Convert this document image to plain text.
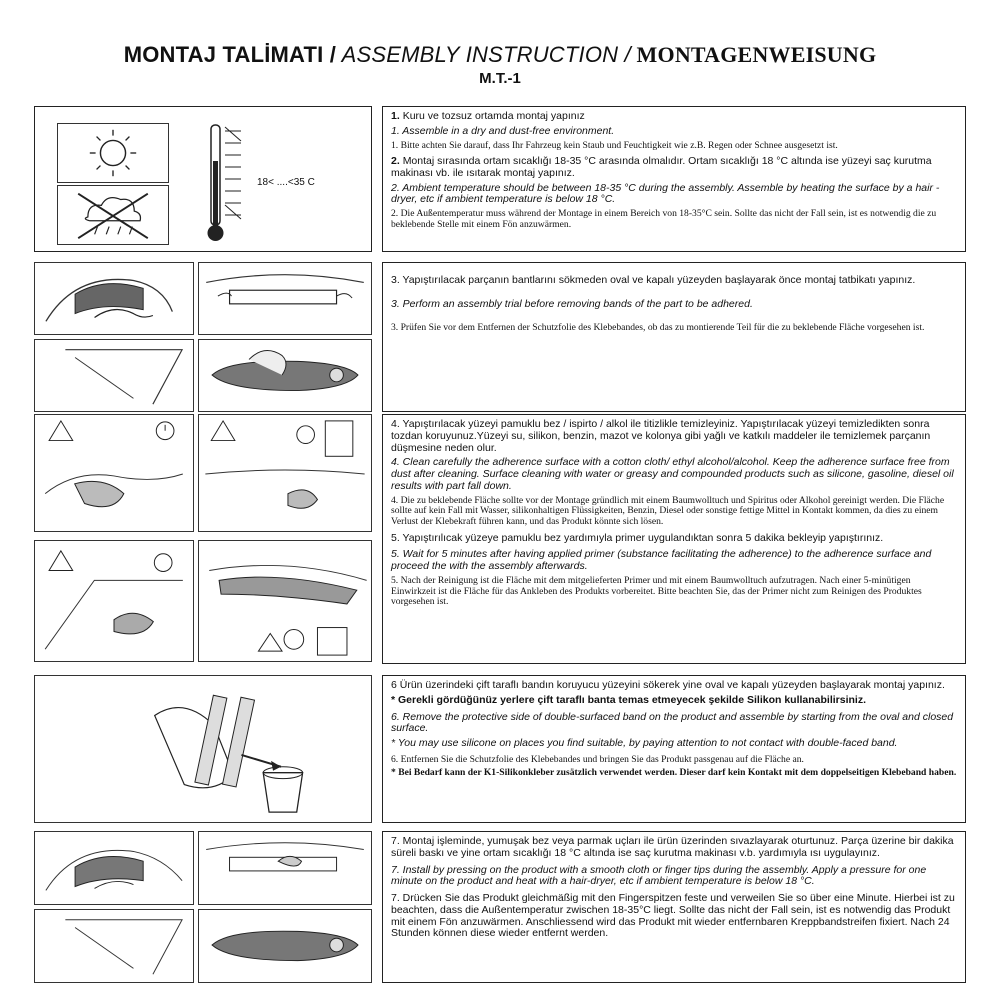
MONTAJ TALİMATI / ASSEMBLY INSTRUCTION / MONTAGENWEISUNG
M.T.-1
18< ....<35 C

1. Kuru ve tozsuz ortamda montaj yapınız

1. Assemble in a dry and dust-free environment.

1. Bitte achten Sie darauf, dass Ihr Fahrzeug kein Staub und Feuchtigkeit wie z.B. Regen oder Schnee ausgesetzt ist.

2. Montaj sırasında ortam sıcaklığı 18-35 °C arasında olmalıdır. Ortam sıcaklığı 18 °C altında ise yüzeyi saç kurutma makinası vb. ile ısıtarak montaj yapınız.

2. Ambient temperature should be between 18-35 °C during the assembly. Assemble by heating the surface by a hair -dryer, etc if ambient temperature is below 18 °C.

2. Die Außentemperatur muss während der Montage in einem Bereich von 18-35°C sein. Sollte das nicht der Fall sein, ist es notwendig die zu beklebende Stelle mit einem Fön anzuwärmen.

3. Yapıştırılacak parçanın bantlarını sökmeden oval ve kapalı yüzeyden başlayarak önce montaj tatbikatı yapınız.

3. Perform an assembly trial before removing bands of the part to be adhered.

3. Prüfen Sie vor dem Entfernen der Schutzfolie des Klebebandes, ob das zu montierende Teil für die zu beklebende Fläche vorgesehen ist.

4. Yapıştırılacak yüzeyi pamuklu bez / ispirto / alkol ile titizlikle temizleyiniz. Yapıştırılacak yüzeyi temizledikten sonra tozdan koruyunuz.Yüzeyi su, silikon, benzin, mazot ve kolonya gibi yağlı ve katkılı maddeler ile temizlemek parçanın düşmesine neden olur.

4. Clean carefully the adherence surface with a cotton cloth/ ethyl alcohol/alcohol. Keep the adherence surface free from dust after cleaning. Surface cleaning with water or greasy and compounded products such as silicone, gasoline, diesel oil results with part fall down.

4. Die zu beklebende Fläche sollte vor der Montage gründlich mit einem Baumwolltuch und Spiritus oder Alkohol gereinigt werden. Die Fläche sollte auf kein Fall mit Wasser, silikonhaltigen Flüssigkeiten, Benzin, Diesel oder sonstige fettige Mittel in Kontakt kommen, da dies zu einem Verlust der Klebekraft führen kann, und das Produkt könnte sich lösen.

5. Yapıştırılıcak yüzeye pamuklu bez yardımıyla primer uygulandıktan sonra 5 dakika bekleyip yapıştırınız.

5. Wait for 5 minutes after having applied primer (substance facilitating the adherence) to the adherence surface and proceed the with the assembly afterwards.

5. Nach der Reinigung ist die Fläche mit dem mitgelieferten Primer und mit einem Baumwolltuch aufzutragen. Nach einer 5-minütigen Einwirkzeit ist die Fläche für das Ankleben des Produkts vorbereitet. Bitte beachten Sie, das der Primer nicht zum Reinigen des Produktes vorgesehen ist.

6 Ürün üzerindeki çift taraflı bandın koruyucu yüzeyini sökerek yine oval ve kapalı yüzeyden başlayarak montaj yapınız.

* Gerekli gördüğünüz yerlere çift taraflı banta temas etmeyecek şekilde Silikon kullanabilirsiniz.

6. Remove the protective side of double-surfaced band on the product and assemble by starting from the oval and closed surface.

* You may use silicone on places you find suitable, by paying attention to not contact with double-faced band.

6. Entfernen Sie die Schutzfolie des Klebebandes und bringen Sie das Produkt passgenau auf die Fläche an.

* Bei Bedarf kann der K1-Silikonkleber zusätzlich verwendet werden. Dieser darf kein Kontakt mit dem doppelseitigen Klebeband haben.

7. Montaj işleminde, yumuşak bez veya parmak uçları ile ürün üzerinden sıvazlayarak oturtunuz. Parça üzerine bir dakika süreli baskı ve yine ortam sıcaklığı 18 °C altında ise saç kurutma makinası v.b. yardımıyla ısı uygulayınız.

7. Install by pressing on the product with a smooth cloth or finger tips during the assembly. Apply a pressure for one minute on the product and heat with a hair-dryer, etc if ambient temperature is below 18 °C.

7. Drücken Sie das Produkt gleichmäßig mit den Fingerspitzen feste und verweilen Sie so über eine Minute. Hierbei ist zu beachten, dass die Außentemperatur zwischen 18-35°C liegt. Sollte das nicht der Fall sein, ist es notwendig das Produkt mit einem Fön anzuwärmen. Anschliessend wird das Produkt mit wieder entfernbaren Kreppbandstreifen fixiert. Nach 24 Stunden können diese wieder entfernt werden.
